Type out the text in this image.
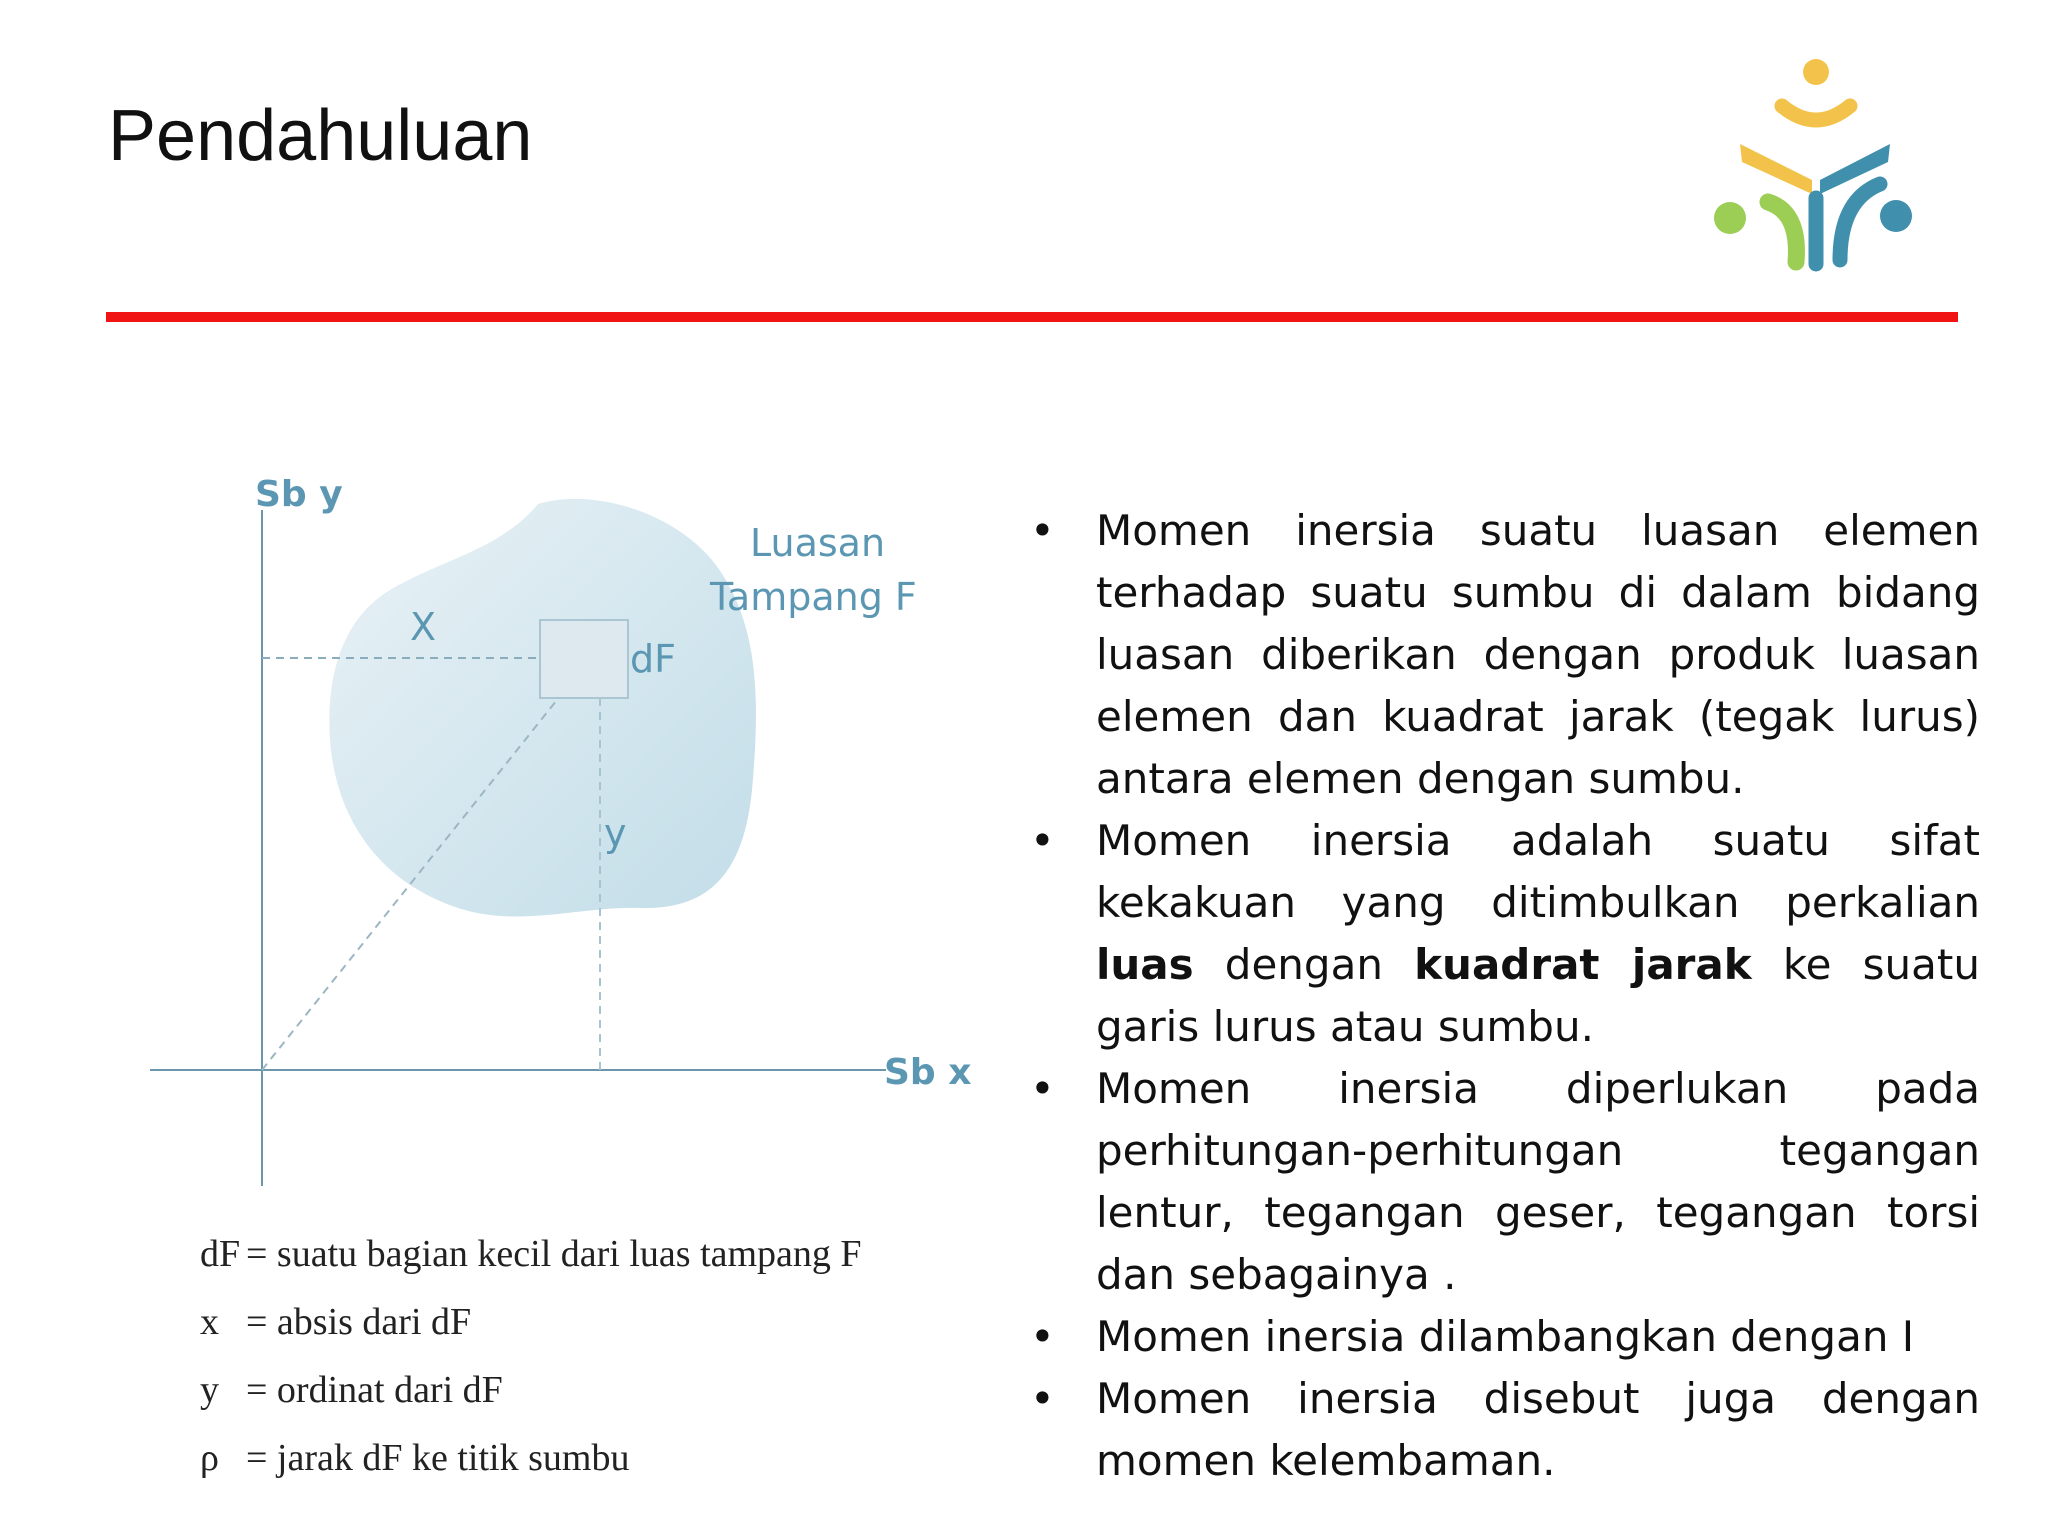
Pendahuluan
Sb y
Sb x
Luasan
Tampang F
X
y
dF
dF = suatu bagian kecil dari luas tampang F
x = absis dari dF
y = ordinat dari dF
ρ = jarak dF ke titik sumbu
• Momen inersia suatu luasan elemen terhadap suatu sumbu di dalam bidang luasan diberikan dengan produk luasan elemen dan kuadrat jarak (tegak lurus) antara elemen dengan sumbu.
• Momen inersia adalah suatu sifat kekakuan yang ditimbulkan perkalian luas dengan kuadrat jarak ke suatu garis lurus atau sumbu.
• Momen inersia diperlukan pada perhitungan-perhitungan tegangan lentur, tegangan geser, tegangan torsi dan sebagainya .
• Momen inersia dilambangkan dengan I
• Momen inersia disebut juga dengan momen kelembaman.
